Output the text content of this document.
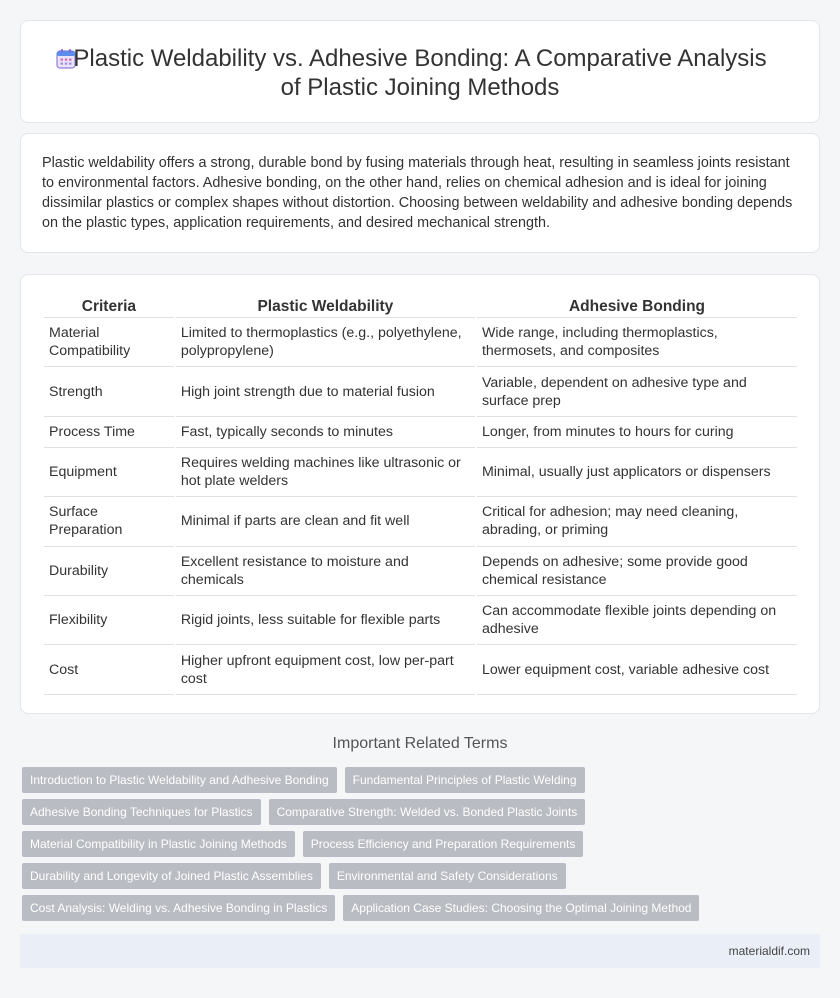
Plastic Weldability vs. Adhesive Bonding: A Comparative Analysis of Plastic Joining Methods

Plastic weldability offers a strong, durable bond by fusing materials through heat, resulting in seamless joints resistant to environmental factors. Adhesive bonding, on the other hand, relies on chemical adhesion and is ideal for joining dissimilar plastics or complex shapes without distortion. Choosing between weldability and adhesive bonding depends on the plastic types, application requirements, and desired mechanical strength.

Criteria	Plastic Weldability	Adhesive Bonding
Material Compatibility	Limited to thermoplastics (e.g., polyethylene, polypropylene)	Wide range, including thermoplastics, thermosets, and composites
Strength	High joint strength due to material fusion	Variable, dependent on adhesive type and surface prep
Process Time	Fast, typically seconds to minutes	Longer, from minutes to hours for curing
Equipment	Requires welding machines like ultrasonic or hot plate welders	Minimal, usually just applicators or dispensers
Surface Preparation	Minimal if parts are clean and fit well	Critical for adhesion; may need cleaning, abrading, or priming
Durability	Excellent resistance to moisture and chemicals	Depends on adhesive; some provide good chemical resistance
Flexibility	Rigid joints, less suitable for flexible parts	Can accommodate flexible joints depending on adhesive
Cost	Higher upfront equipment cost, low per-part cost	Lower equipment cost, variable adhesive cost
Important Related Terms
Introduction to Plastic Weldability and Adhesive Bonding	Fundamental Principles of Plastic Welding
Adhesive Bonding Techniques for Plastics	Comparative Strength: Welded vs. Bonded Plastic Joints
Material Compatibility in Plastic Joining Methods	Process Efficiency and Preparation Requirements
Durability and Longevity of Joined Plastic Assemblies	Environmental and Safety Considerations
Cost Analysis: Welding vs. Adhesive Bonding in Plastics	Application Case Studies: Choosing the Optimal Joining Method
materialdif.com
